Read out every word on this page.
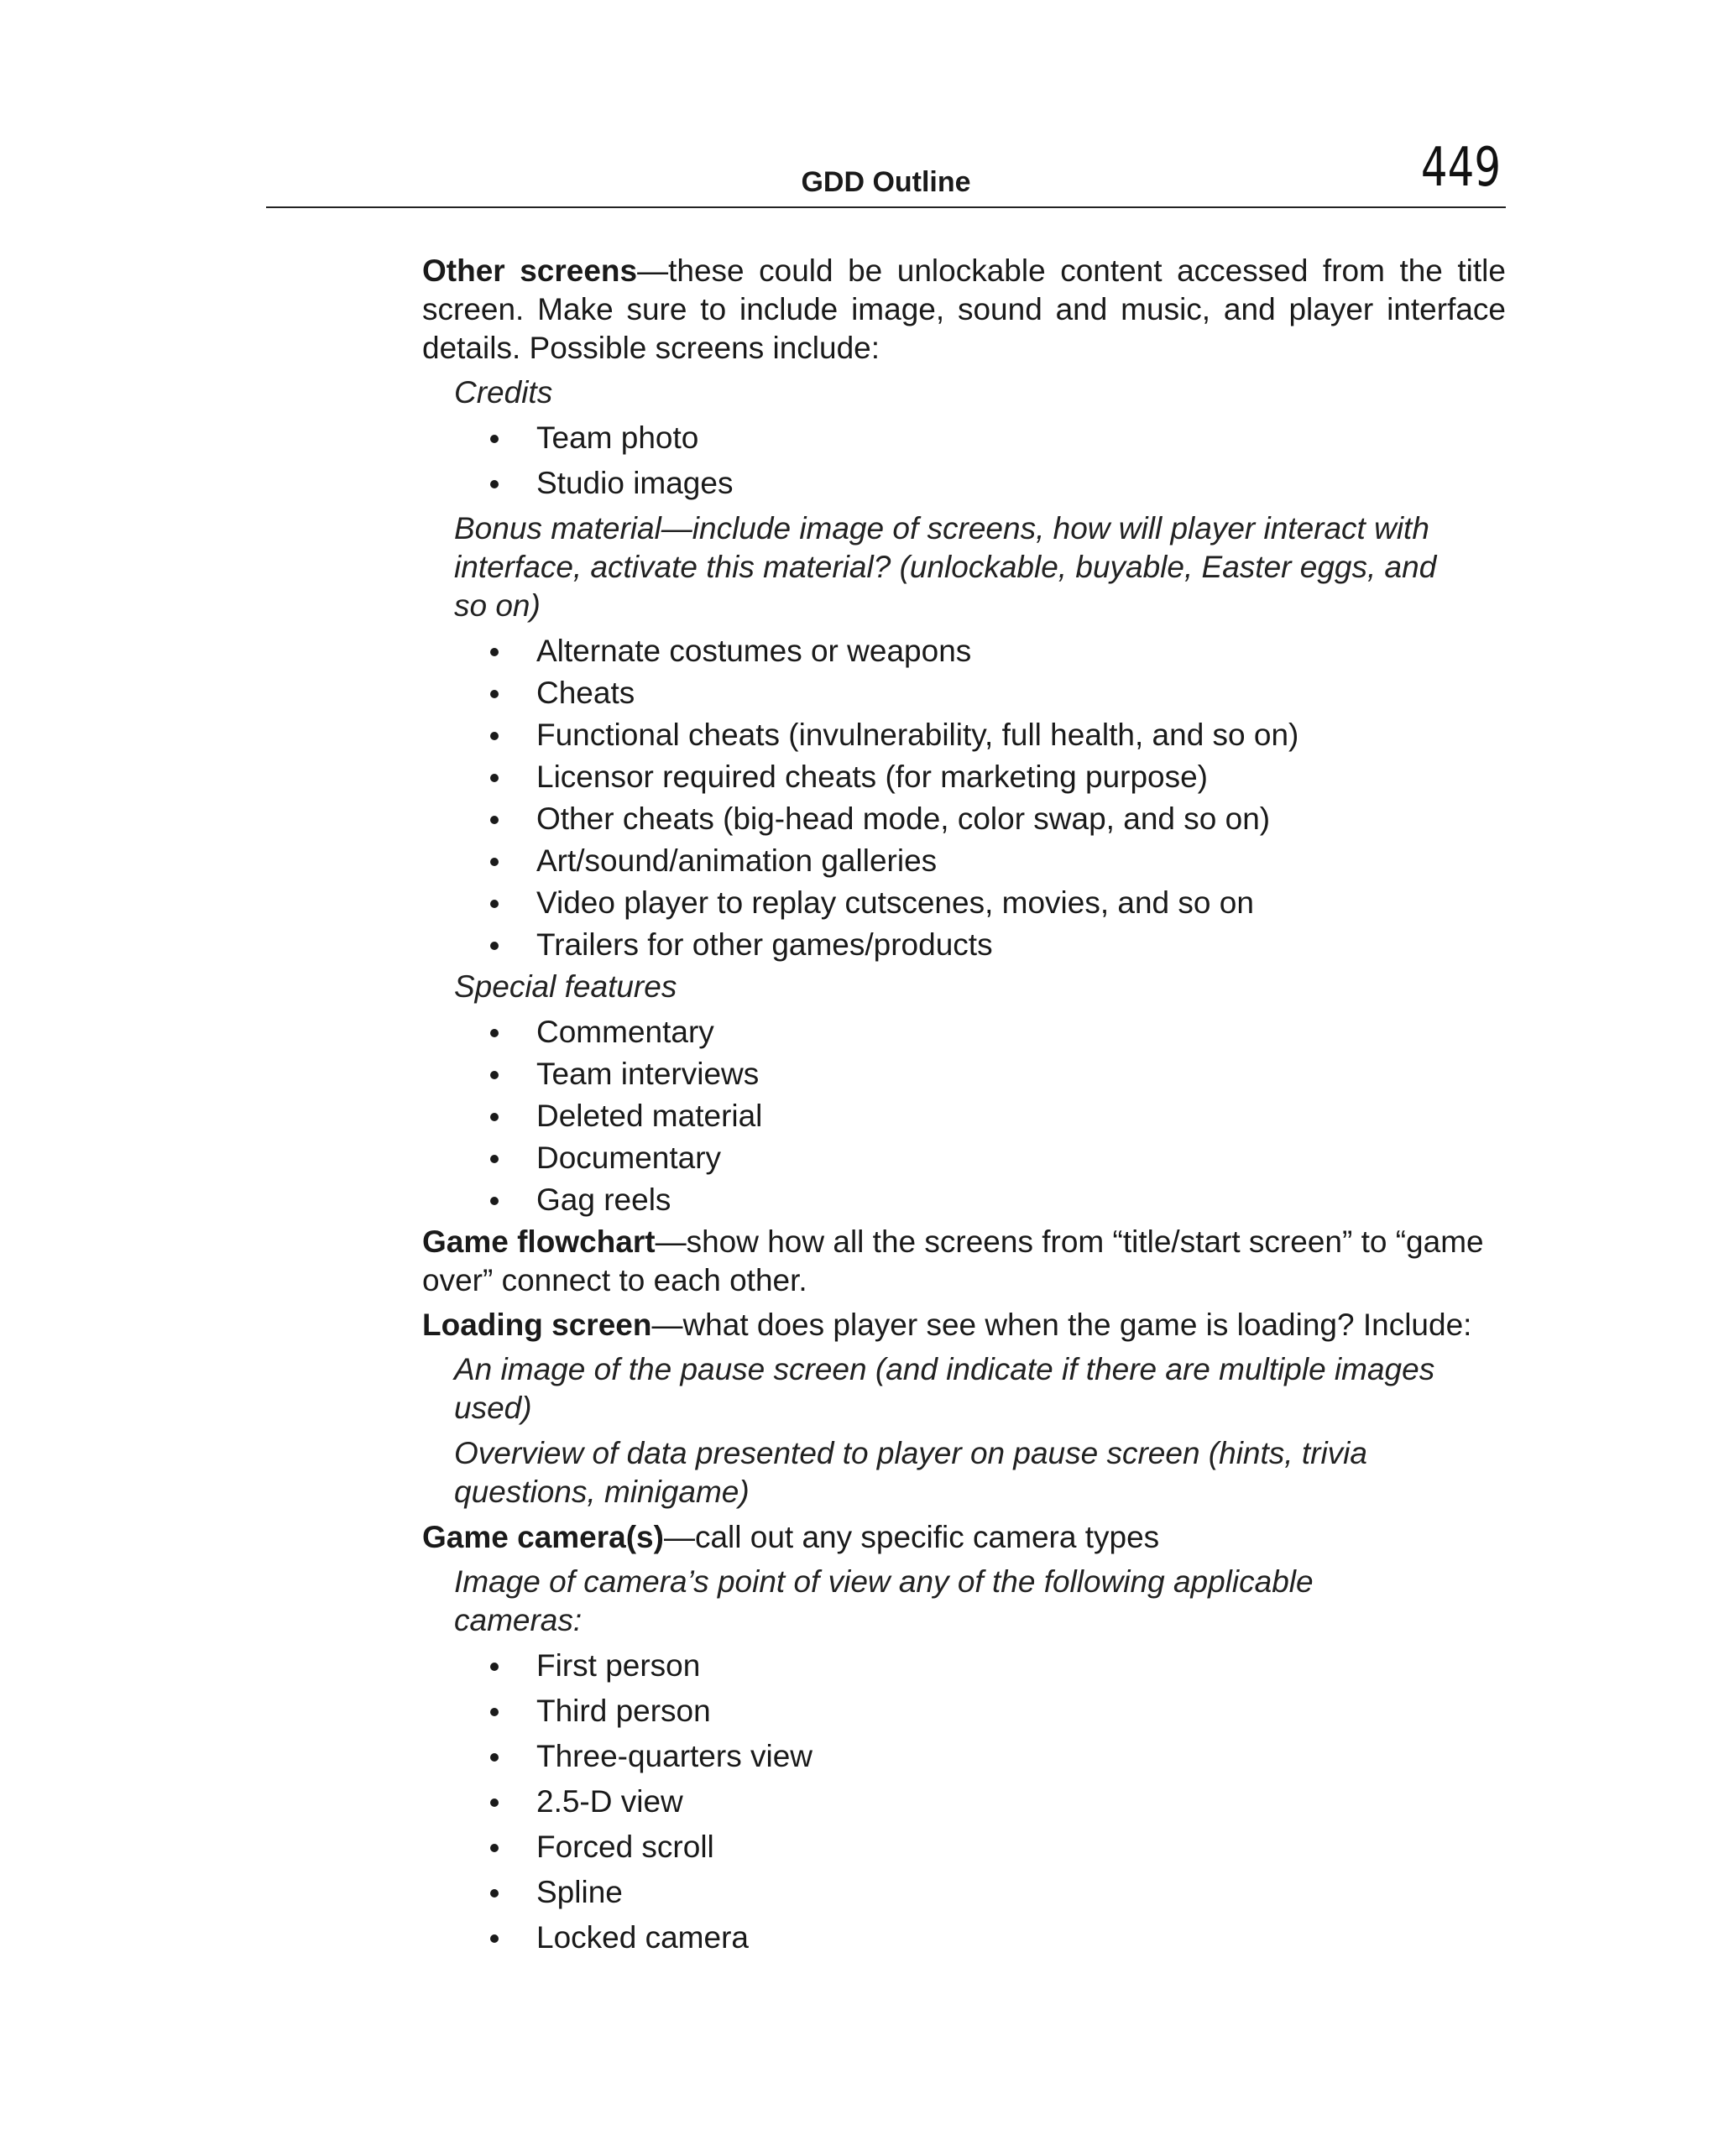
GDD Outline	449

Other screens—these could be unlockable content accessed from the title screen. Make sure to include image, sound and music, and player interface details. Possible screens include:

Credits

Team photo
Studio images

Bonus material—include image of screens, how will player interact with interface, activate this material? (unlockable, buyable, Easter eggs, and so on)

Alternate costumes or weapons
Cheats
Functional cheats (invulnerability, full health, and so on)
Licensor required cheats (for marketing purpose)
Other cheats (big-head mode, color swap, and so on)
Art/sound/animation galleries
Video player to replay cutscenes, movies, and so on
Trailers for other games/products

Special features

Commentary
Team interviews
Deleted material
Documentary
Gag reels

Game flowchart—show how all the screens from “title/start screen” to “game over” connect to each other.

Loading screen—what does player see when the game is loading? Include:

An image of the pause screen (and indicate if there are multiple images used)

Overview of data presented to player on pause screen (hints, trivia questions, minigame)

Game camera(s)—call out any specific camera types

Image of camera’s point of view any of the following applicable cameras:

First person
Third person
Three-quarters view
2.5-D view
Forced scroll
Spline
Locked camera
